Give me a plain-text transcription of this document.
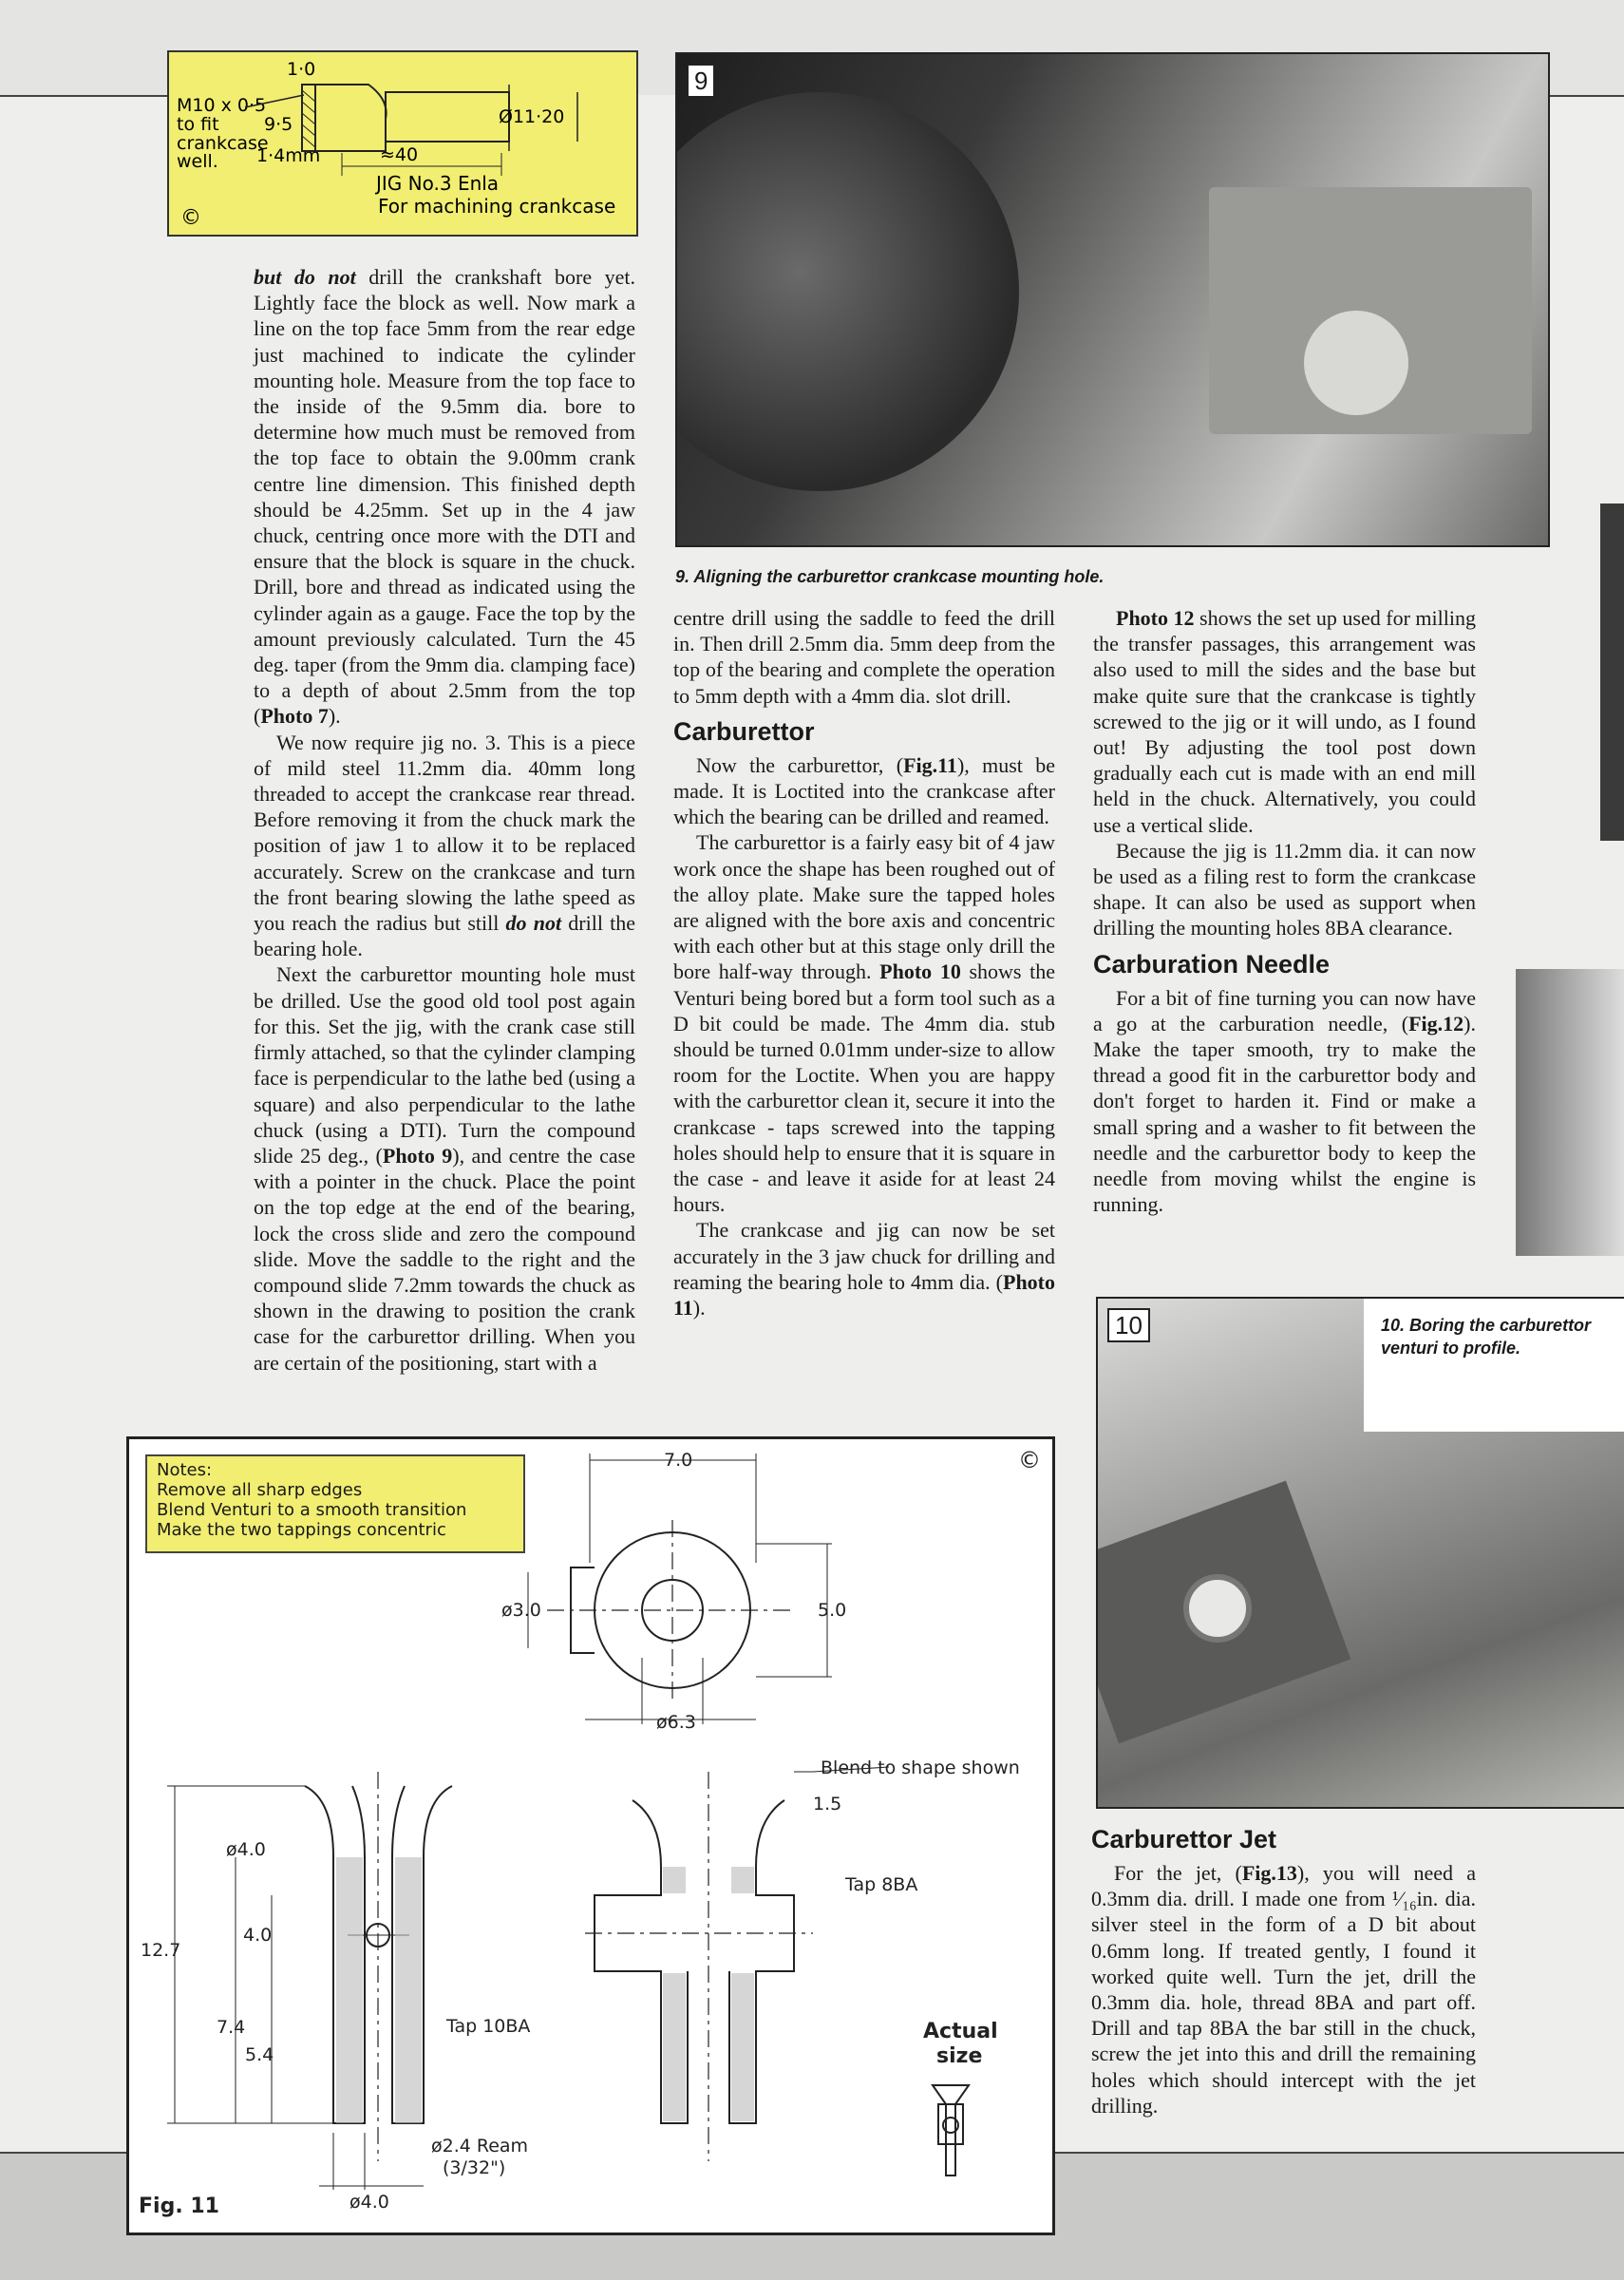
M10 x 0·5
to fit
crankcase
well.
1·0
9·5
1·4mm
Ø11·20
≈40
JIG No.3 Enla
For machining crankcase
©

but do not drill the crankshaft bore yet. Lightly face the block as well. Now mark a line on the top face 5mm from the rear edge just machined to indicate the cylinder mounting hole. Measure from the top face to the inside of the 9.5mm dia. bore to determine how much must be removed from the top face to obtain the 9.00mm crank centre line dimension. This finished depth should be 4.25mm. Set up in the 4 jaw chuck, centring once more with the DTI and ensure that the block is square in the chuck. Drill, bore and thread as indicated using the cylinder again as a gauge. Face the top by the amount previously calculated. Turn the 45 deg. taper (from the 9mm dia. clamping face) to a depth of about 2.5mm from the top (Photo 7).

We now require jig no. 3. This is a piece of mild steel 11.2mm dia. 40mm long threaded to accept the crankcase rear thread. Before removing it from the chuck mark the position of jaw 1 to allow it to be replaced accurately. Screw on the crankcase and turn the front bearing slowing the lathe speed as you reach the radius but still do not drill the bearing hole.

Next the carburettor mounting hole must be drilled. Use the good old tool post again for this. Set the jig, with the crank case still firmly attached, so that the cylinder clamping face is perpendicular to the lathe bed (using a square) and also perpendicular to the lathe chuck (using a DTI). Turn the compound slide 25 deg., (Photo 9), and centre the case with a pointer in the chuck. Place the point on the top edge at the end of the bearing, lock the cross slide and zero the compound slide. Move the saddle to the right and the compound slide 7.2mm towards the chuck as shown in the drawing to position the crank case for the carburettor drilling. When you are certain of the positioning, start with a

9
9. Aligning the carburettor crankcase mounting hole.

centre drill using the saddle to feed the drill in. Then drill 2.5mm dia. 5mm deep from the top of the bearing and complete the operation to 5mm depth with a 4mm dia. slot drill.

Carburettor

Now the carburettor, (Fig.11), must be made. It is Loctited into the crankcase after which the bearing can be drilled and reamed.

The carburettor is a fairly easy bit of 4 jaw work once the shape has been roughed out of the alloy plate. Make sure the tapped holes are aligned with the bore axis and concentric with each other but at this stage only drill the bore half-way through. Photo 10 shows the Venturi being bored but a form tool such as a D bit could be made. The 4mm dia. stub should be turned 0.01mm under-size to allow room for the Loctite. When you are happy with the carburettor clean it, secure it into the crankcase - taps screwed into the tapping holes should help to ensure that it is square in the case - and leave it aside for at least 24 hours.

The crankcase and jig can now be set accurately in the 3 jaw chuck for drilling and reaming the bearing hole to 4mm dia. (Photo 11).

Photo 12 shows the set up used for milling the transfer passages, this arrangement was also used to mill the sides and the base but make quite sure that the crankcase is tightly screwed to the jig or it will undo, as I found out! By adjusting the tool post down gradually each cut is made with an end mill held in the chuck. Alternatively, you could use a vertical slide.

Because the jig is 11.2mm dia. it can now be used as a filing rest to form the crankcase shape. It can also be used as support when drilling the mounting holes 8BA clearance.

Carburation Needle

For a bit of fine turning you can now have a go at the carburation needle, (Fig.12). Make the taper smooth, try to make the thread a good fit in the carburettor body and don't forget to harden it. Find or make a small spring and a washer to fit between the needle and the carburettor body to keep the needle from moving whilst the engine is running.

10. Boring the carburettor venturi to profile.
10
Carburettor Jet

For the jet, (Fig.13), you will need a 0.3mm dia. drill. I made one from ¹⁄₁₆in. dia. silver steel in the form of a D bit about 0.6mm long. If treated gently, I found it worked quite well. Turn the jet, drill the 0.3mm dia. hole, thread 8BA and part off. Drill and tap 8BA the bar still in the chuck, screw the jet into this and drill the remaining holes which should intercept with the jet drilling.

Notes:
Remove all sharp edges
Blend Venturi to a smooth transition
Make the two tappings concentric
7.0
ø3.0	5.0
ø6.3
Blend to shape shown
1.5
Tap 8BA
ø4.0
12.7
4.0
7.4
5.4
Tap 10BA
ø2.4 Ream
(3/32")
ø4.0
Actual
size
Fig. 11
©
